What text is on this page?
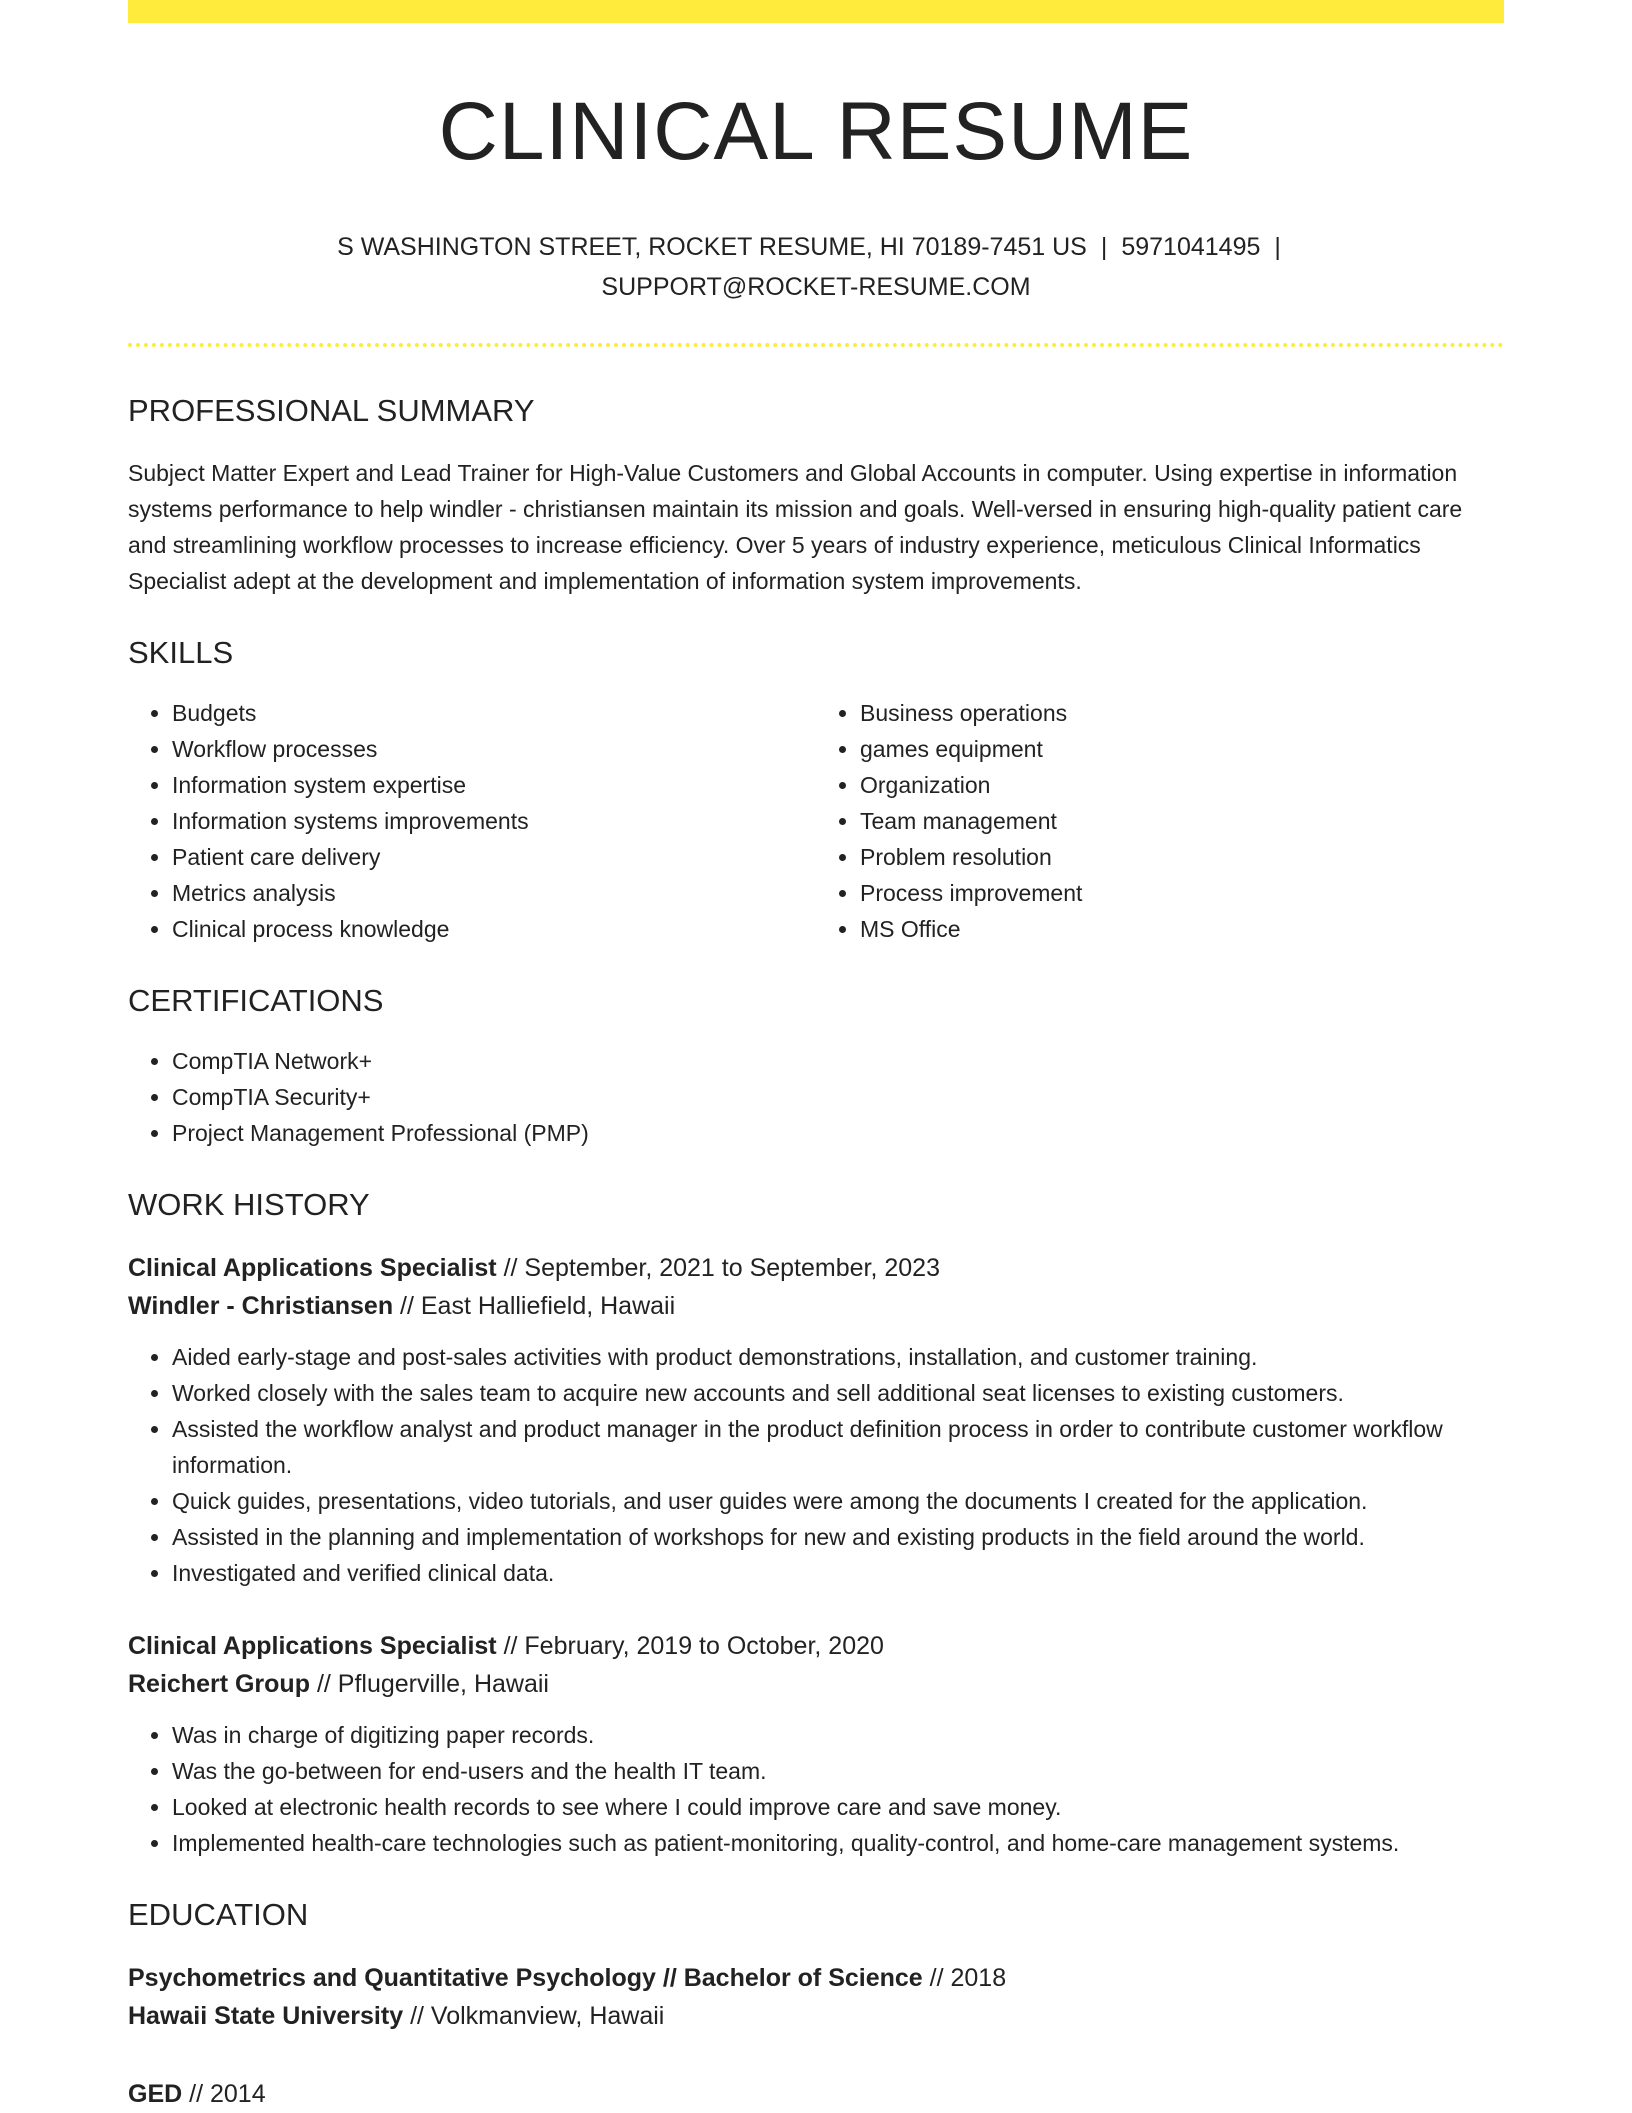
CLINICAL RESUME
S WASHINGTON STREET, ROCKET RESUME, HI 70189-7451 US | 5971041495 |
SUPPORT@ROCKET-RESUME.COM
PROFESSIONAL SUMMARY

Subject Matter Expert and Lead Trainer for High-Value Customers and Global Accounts in computer. Using expertise in information systems performance to help windler - christiansen maintain its mission and goals. Well-versed in ensuring high-quality patient care and streamlining workflow processes to increase efficiency. Over 5 years of industry experience, meticulous Clinical Informatics Specialist adept at the development and implementation of information system improvements.

SKILLS
• Budgets
• Workflow processes
• Information system expertise
• Information systems improvements
• Patient care delivery
• Metrics analysis
• Clinical process knowledge
• Business operations
• games equipment
• Organization
• Team management
• Problem resolution
• Process improvement
• MS Office
CERTIFICATIONS
• CompTIA Network+
• CompTIA Security+
• Project Management Professional (PMP)
WORK HISTORY
Clinical Applications Specialist // September, 2021 to September, 2023
Windler - Christiansen // East Halliefield, Hawaii
• Aided early-stage and post-sales activities with product demonstrations, installation, and customer training.
• Worked closely with the sales team to acquire new accounts and sell additional seat licenses to existing customers.
• Assisted the workflow analyst and product manager in the product definition process in order to contribute customer workflow information.
• Quick guides, presentations, video tutorials, and user guides were among the documents I created for the application.
• Assisted in the planning and implementation of workshops for new and existing products in the field around the world.
• Investigated and verified clinical data.
Clinical Applications Specialist // February, 2019 to October, 2020
Reichert Group // Pflugerville, Hawaii
• Was in charge of digitizing paper records.
• Was the go-between for end-users and the health IT team.
• Looked at electronic health records to see where I could improve care and save money.
• Implemented health-care technologies such as patient-monitoring, quality-control, and home-care management systems.
EDUCATION
Psychometrics and Quantitative Psychology // Bachelor of Science // 2018
Hawaii State University // Volkmanview, Hawaii
GED // 2014
